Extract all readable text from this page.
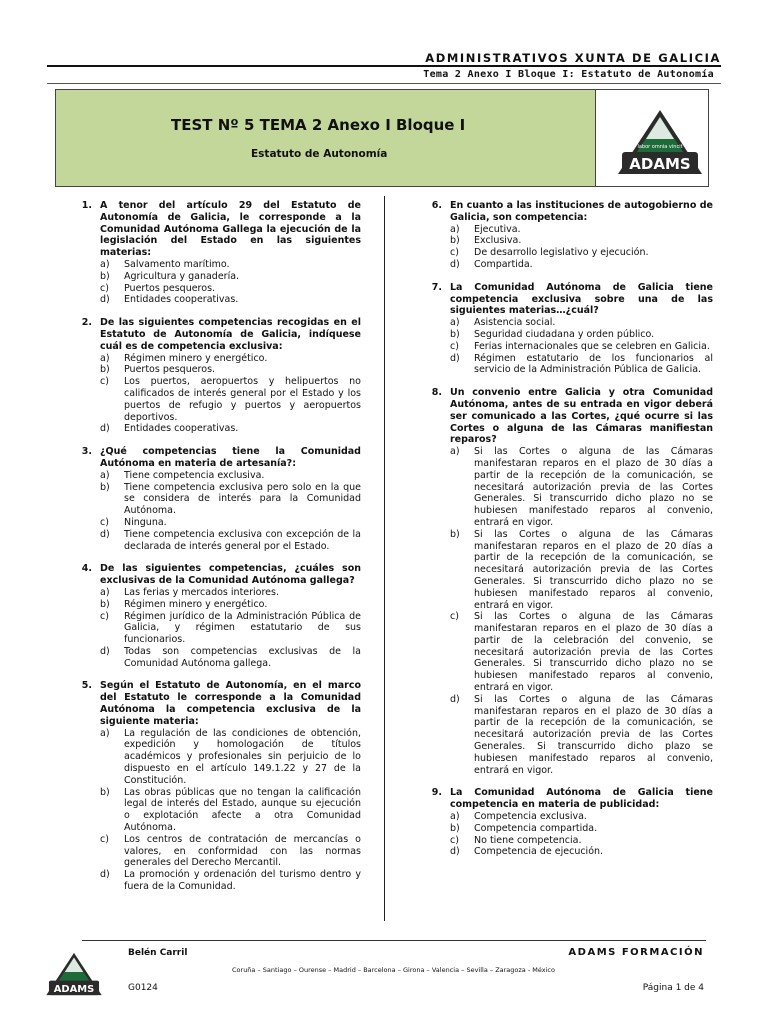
ADMINISTRATIVOS XUNTA DE GALICIA
Tema 2 Anexo I Bloque I: Estatuto de Autonomía
TEST Nº 5 TEMA 2 Anexo I Bloque I
Estatuto de Autonomía
ADAMS
labor omnia vincit
1. A tenor del artículo 29 del Estatuto de Autonomía de Galicia, le corresponde a la Comunidad Autónoma Gallega la ejecución de la legislación del Estado en las siguientes materias:
a)	Salvamento marítimo.
b)	Agricultura y ganadería.
c)	Puertos pesqueros.
d)	Entidades cooperativas.
2. De las siguientes competencias recogidas en el Estatuto de Autonomía de Galicia, indíquese cuál es de competencia exclusiva:
a)	Régimen minero y energético.
b)	Puertos pesqueros.
c)	Los puertos, aeropuertos y helipuertos no calificados de interés general por el Estado y los puertos de refugio y puertos y aeropuertos deportivos.
d)	Entidades cooperativas.
3. ¿Qué competencias tiene la Comunidad Autónoma en materia de artesanía?:
a)	Tiene competencia exclusiva.
b)	Tiene competencia exclusiva pero solo en la que se considera de interés para la Comunidad Autónoma.
c)	Ninguna.
d)	Tiene competencia exclusiva con excepción de la declarada de interés general por el Estado.
4. De las siguientes competencias, ¿cuáles son exclusivas de la Comunidad Autónoma gallega?
a)	Las ferias y mercados interiores.
b)	Régimen minero y energético.
c)	Régimen jurídico de la Administración Pública de Galicia, y régimen estatutario de sus funcionarios.
d)	Todas son competencias exclusivas de la Comunidad Autónoma gallega.
5. Según el Estatuto de Autonomía, en el marco del Estatuto le corresponde a la Comunidad Autónoma la competencia exclusiva de la siguiente materia:
a)	La regulación de las condiciones de obtención, expedición y homologación de títulos académicos y profesionales sin perjuicio de lo dispuesto en el artículo 149.1.22 y 27 de la Constitución.
b)	Las obras públicas que no tengan la calificación legal de interés del Estado, aunque su ejecución o explotación afecte a otra Comunidad Autónoma.
c)	Los centros de contratación de mercancías o valores, en conformidad con las normas generales del Derecho Mercantil.
d)	La promoción y ordenación del turismo dentro y fuera de la Comunidad.
6. En cuanto a las instituciones de autogobierno de Galicia, son competencia:
a)	Ejecutiva.
b)	Exclusiva.
c)	De desarrollo legislativo y ejecución.
d)	Compartida.
7. La Comunidad Autónoma de Galicia tiene competencia exclusiva sobre una de las siguientes materias…¿cuál?
a)	Asistencia social.
b)	Seguridad ciudadana y orden público.
c)	Ferias internacionales que se celebren en Galicia.
d)	Régimen estatutario de los funcionarios al servicio de la Administración Pública de Galicia.
8. Un convenio entre Galicia y otra Comunidad Autónoma, antes de su entrada en vigor deberá ser comunicado a las Cortes, ¿qué ocurre si las Cortes o alguna de las Cámaras manifiestan reparos?
a)	Si las Cortes o alguna de las Cámaras manifestaran reparos en el plazo de 30 días a partir de la recepción de la comunicación, se necesitará autorización previa de las Cortes Generales. Si transcurrido dicho plazo no se hubiesen manifestado reparos al convenio, entrará en vigor.
b)	Si las Cortes o alguna de las Cámaras manifestaran reparos en el plazo de 20 días a partir de la recepción de la comunicación, se necesitará autorización previa de las Cortes Generales. Si transcurrido dicho plazo no se hubiesen manifestado reparos al convenio, entrará en vigor.
c)	Si las Cortes o alguna de las Cámaras manifestaran reparos en el plazo de 30 días a partir de la celebración del convenio, se necesitará autorización previa de las Cortes Generales. Si transcurrido dicho plazo no se hubiesen manifestado reparos al convenio, entrará en vigor.
d)	Si las Cortes o alguna de las Cámaras manifestaran reparos en el plazo de 30 días a partir de la recepción de la comunicación, se necesitará autorización previa de las Cortes Generales. Si transcurrido dicho plazo se hubiesen manifestado reparos al convenio, entrará en vigor.
9. La Comunidad Autónoma de Galicia tiene competencia en materia de publicidad:
a)	Competencia exclusiva.
b)	Competencia compartida.
c)	No tiene competencia.
d)	Competencia de ejecución.
ADAMS
Belén Carril	ADAMS FORMACIÓN
Coruña – Santiago – Ourense – Madrid – Barcelona – Girona – Valencia – Sevilla – Zaragoza - México
G0124	Página 1 de 4
